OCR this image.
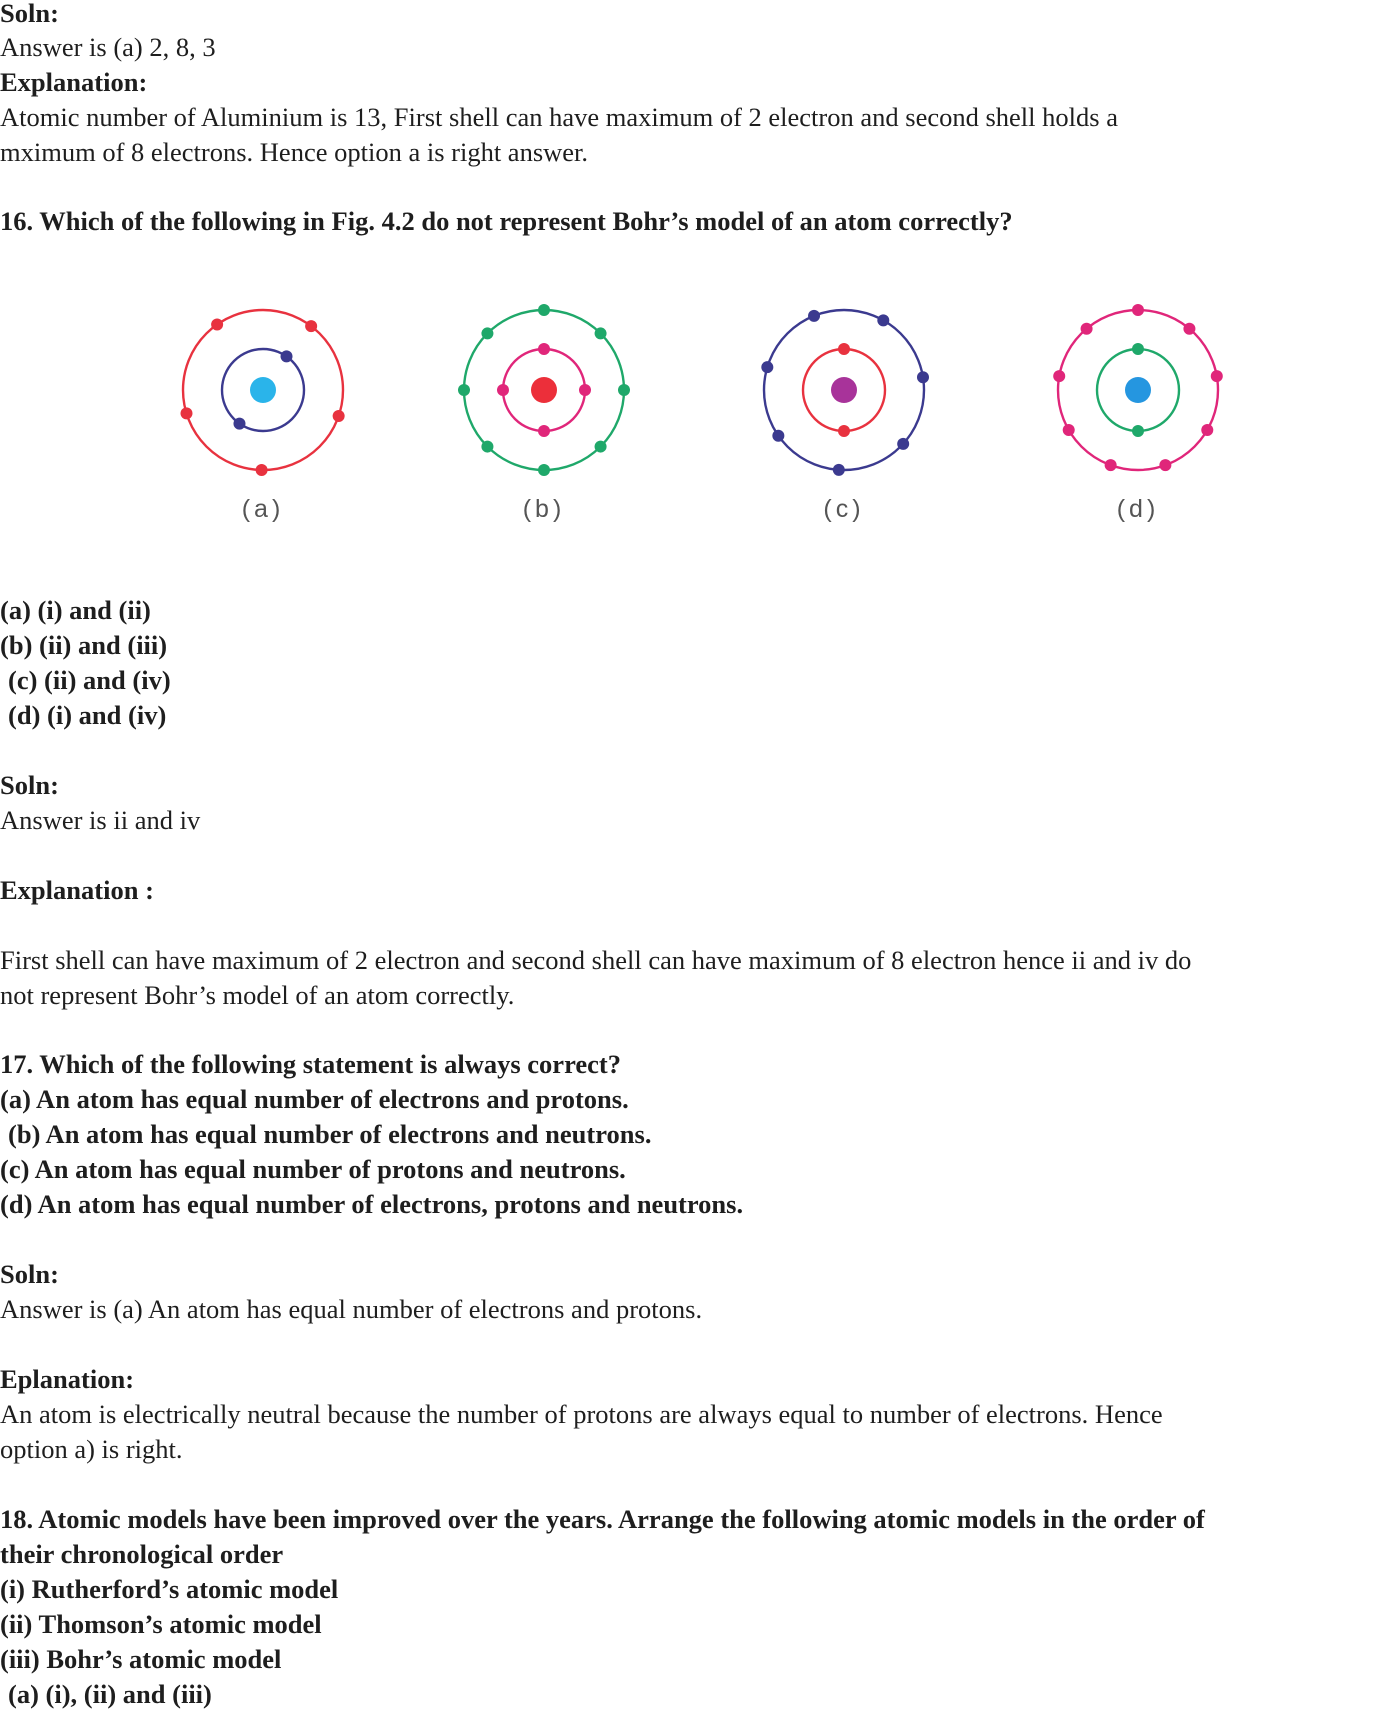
Soln:
Answer is (a) 2, 8, 3
Explanation:
Atomic number of Aluminium is 13, First shell can have maximum of 2 electron and second shell holds a
mximum of 8 electrons. Hence option a is right answer.
16. Which of the following in Fig. 4.2 do not represent Bohr’s model of an atom correctly?
(a)	(b)	(c)	(d)
(a) (i) and (ii)
(b) (ii) and (iii)
(c) (ii) and (iv)
(d) (i) and (iv)
Soln:
Answer is ii and iv
Explanation :
First shell can have maximum of 2 electron and second shell can have maximum of 8 electron hence ii and iv do
not represent Bohr’s model of an atom correctly.
17. Which of the following statement is always correct?
(a) An atom has equal number of electrons and protons.
(b) An atom has equal number of electrons and neutrons.
(c) An atom has equal number of protons and neutrons.
(d) An atom has equal number of electrons, protons and neutrons.
Soln:
Answer is (a) An atom has equal number of electrons and protons.
Eplanation:
An atom is electrically neutral because the number of protons are always equal to number of electrons. Hence
option a) is right.
18. Atomic models have been improved over the years. Arrange the following atomic models in the order of
their chronological order
(i) Rutherford’s atomic model
(ii) Thomson’s atomic model
(iii) Bohr’s atomic model
(a) (i), (ii) and (iii)
